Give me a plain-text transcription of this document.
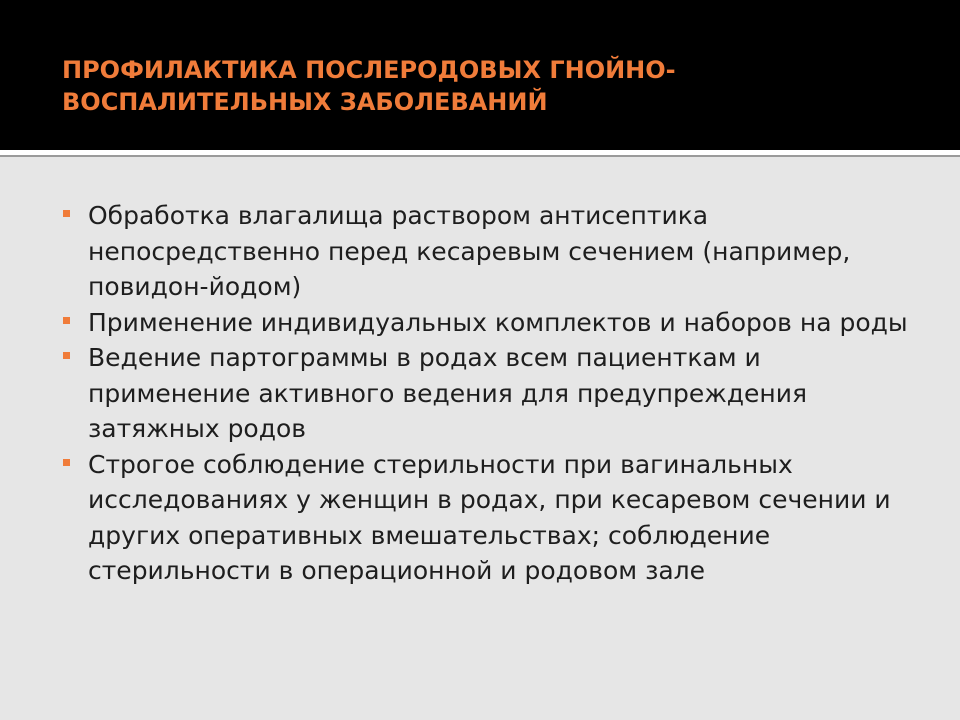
ПРОФИЛАКТИКА ПОСЛЕРОДОВЫХ ГНОЙНО-ВОСПАЛИТЕЛЬНЫХ ЗАБОЛЕВАНИЙ
Обработка влагалища раствором антисептика непосредственно перед кесаревым сечением (например, повидон-йодом)
Применение индивидуальных комплектов и наборов на роды
Ведение партограммы в родах всем пациенткам и применение активного ведения для предупреждения затяжных родов
Строгое соблюдение стерильности при вагинальных исследованиях у женщин в родах, при кесаревом сечении и других оперативных вмешательствах; соблюдение стерильности в операционной и родовом зале
